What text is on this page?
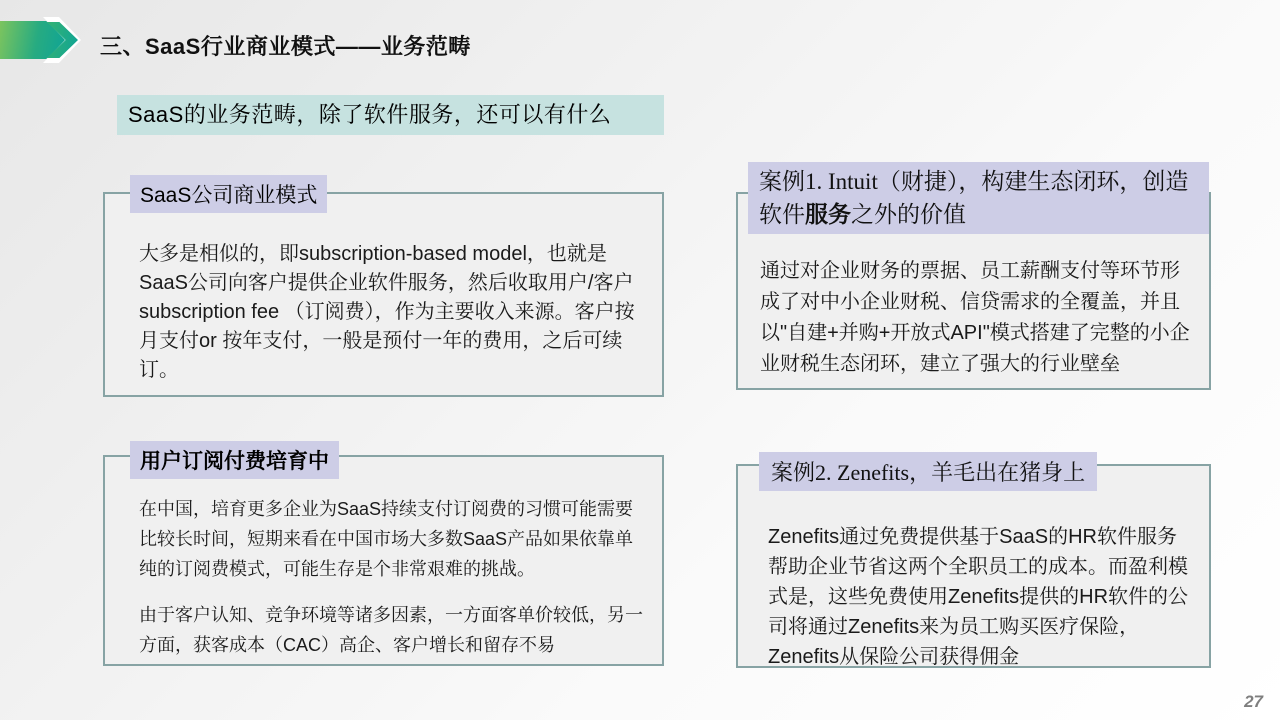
三、SaaS行业商业模式——业务范畴
SaaS的业务范畴，除了软件服务，还可以有什么
SaaS公司商业模式
大多是相似的，即subscription-based model，也就是SaaS公司向客户提供企业软件服务，然后收取用户/客户subscription fee （订阅费），作为主要收入来源。客户按月支付or 按年支付，一般是预付一年的费用，之后可续订。
用户订阅付费培育中

在中国，培育更多企业为SaaS持续支付订阅费的习惯可能需要比较长时间，短期来看在中国市场大多数SaaS产品如果依靠单纯的订阅费模式，可能生存是个非常艰难的挑战。

由于客户认知、竞争环境等诸多因素，一方面客单价较低，另一方面，获客成本（CAC）高企、客户增长和留存不易

案例1. Intuit（财捷），构建生态闭环，创造软件服务之外的价值
通过对企业财务的票据、员工薪酬支付等环节形成了对中小企业财税、信贷需求的全覆盖，并且以"自建+并购+开放式API"模式搭建了完整的小企业财税生态闭环，建立了强大的行业壁垒
案例2. Zenefits，羊毛出在猪身上
Zenefits通过免费提供基于SaaS的HR软件服务帮助企业节省这两个全职员工的成本。而盈利模式是，这些免费使用Zenefits提供的HR软件的公司将通过Zenefits来为员工购买医疗保险，Zenefits从保险公司获得佣金
27
